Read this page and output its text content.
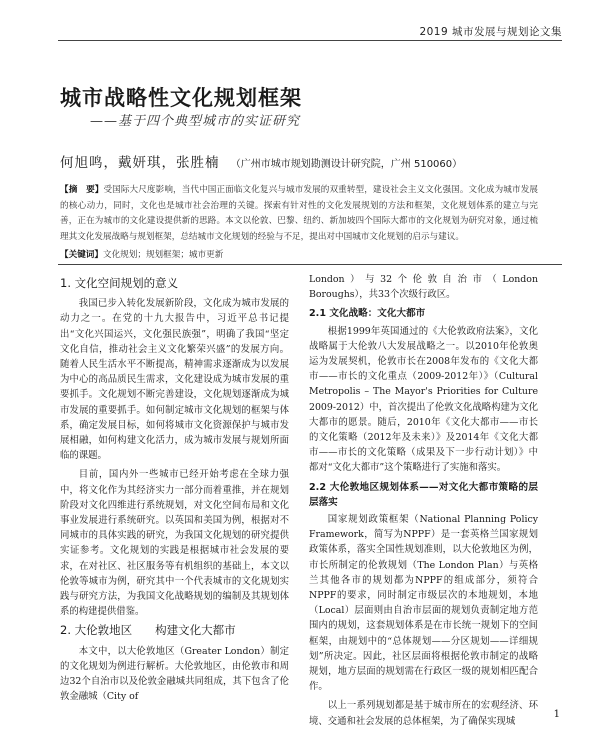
2019 城市发展与规划论文集
城市战略性文化规划框架
——基于四个典型城市的实证研究
何旭鸣，戴妍琪，张胜楠 （广州市城市规划勘测设计研究院，广州 510060）
【摘　要】受国际大尺度影响，当代中国正面临文化复兴与城市发展的双重转型，建设社会主义文化强国。文化成为城市发展的核心动力，同时，文化也是城市社会治理的关键。探索有针对性的文化发展规划的方法和框架，文化规划体系的建立与完善，正在为城市的文化建设提供新的思路。本文以伦敦、巴黎、纽约、新加坡四个国际大都市的文化规划为研究对象，通过梳理其文化发展战略与规划框架，总结城市文化规划的经验与不足，提出对中国城市文化规划的启示与建议。
【关键词】文化规划；规划框架；城市更新
1. 文化空间规划的意义

我国已步入转化发展新阶段，文化成为城市发展的动力之一。在党的十九大报告中，习近平总书记提出“文化兴国运兴，文化强民族强”，明确了我国“坚定文化自信，推动社会主义文化繁荣兴盛”的发展方向。随着人民生活水平不断提高，精神需求逐渐成为以发展为中心的高品质民生需求，文化建设成为城市发展的重要抓手。文化规划不断完善建设，文化规划逐渐成为城市发展的重要抓手。如何制定城市文化规划的框架与体系，确定发展目标，如何将城市文化资源保护与城市发展相融，如何构建文化活力，成为城市发展与规划所面临的课题。

目前，国内外一些城市已经开始考虑在全球力强中，将文化作为其经济实力一部分而着重推，并在规划阶段对文化四维进行系统规划，对文化空间布局和文化事业发展进行系统研究。以英国和美国为例，根据对不同城市的具体实践的研究，为我国文化规划的研究提供实证参考。文化规划的实践是根据城市社会发展的要求，在对社区、社区服务等有机组织的基础上，本文以伦敦等城市为例，研究其中一个代表城市的文化规划实践与研究方法，为我国文化战略规划的编制及其规划体系的构建提供借鉴。

2. 大伦敦地区　　构建文化大都市

本文中，以大伦敦地区（Greater London）制定的文化规划为例进行解析。大伦敦地区，由伦敦市和周边32个自治市以及伦敦金融城共同组成，其下包含了伦敦金融城（City of

London）与32个伦敦自治市（London Boroughs），共33个次级行政区。

2.1 文化战略：文化大都市

根据1999年英国通过的《大伦敦政府法案》，文化战略属于大伦敦八大发展战略之一。以2010年伦敦奥运为发展契机，伦敦市长在2008年发布的《文化大都市——市长的文化重点（2009-2012年）》（Cultural Metropolis – The Mayor's Priorities for Culture 2009-2012）中，首次提出了伦敦文化战略构建为文化大都市的愿景。随后，2010年《文化大都市——市长的文化策略（2012年及未来）》及2014年《文化大都市——市长的文化策略（成果及下一步行动计划）》中都对“文化大都市”这个策略进行了实施和落实。

2.2 大伦敦地区规划体系——对文化大都市策略的层层落实

国家规划政策框架（National Planning Policy Framework，简写为NPPF）是一套英格兰国家规划政策体系，落实全国性规划准则，以大伦敦地区为例，市长所制定的伦敦规划（The London Plan）与英格兰其他各市的规划都为NPPF的组成部分，须符合NPPF的要求，同时制定市级层次的本地规划，本地（Local）层面则由自治市层面的规划负责制定地方范围内的规划，这套规划体系是在市长统一规划下的空间框架，由规划中的“总体规划——分区规划——详细规划”所决定。因此，社区层面将根据伦敦市制定的战略规划，地方层面的规划需在行政区一级的规划相匹配合作。

以上一系列规划都是基于城市所在的宏观经济、环境、交通和社会发展的总体框架，为了确保实现城

1
